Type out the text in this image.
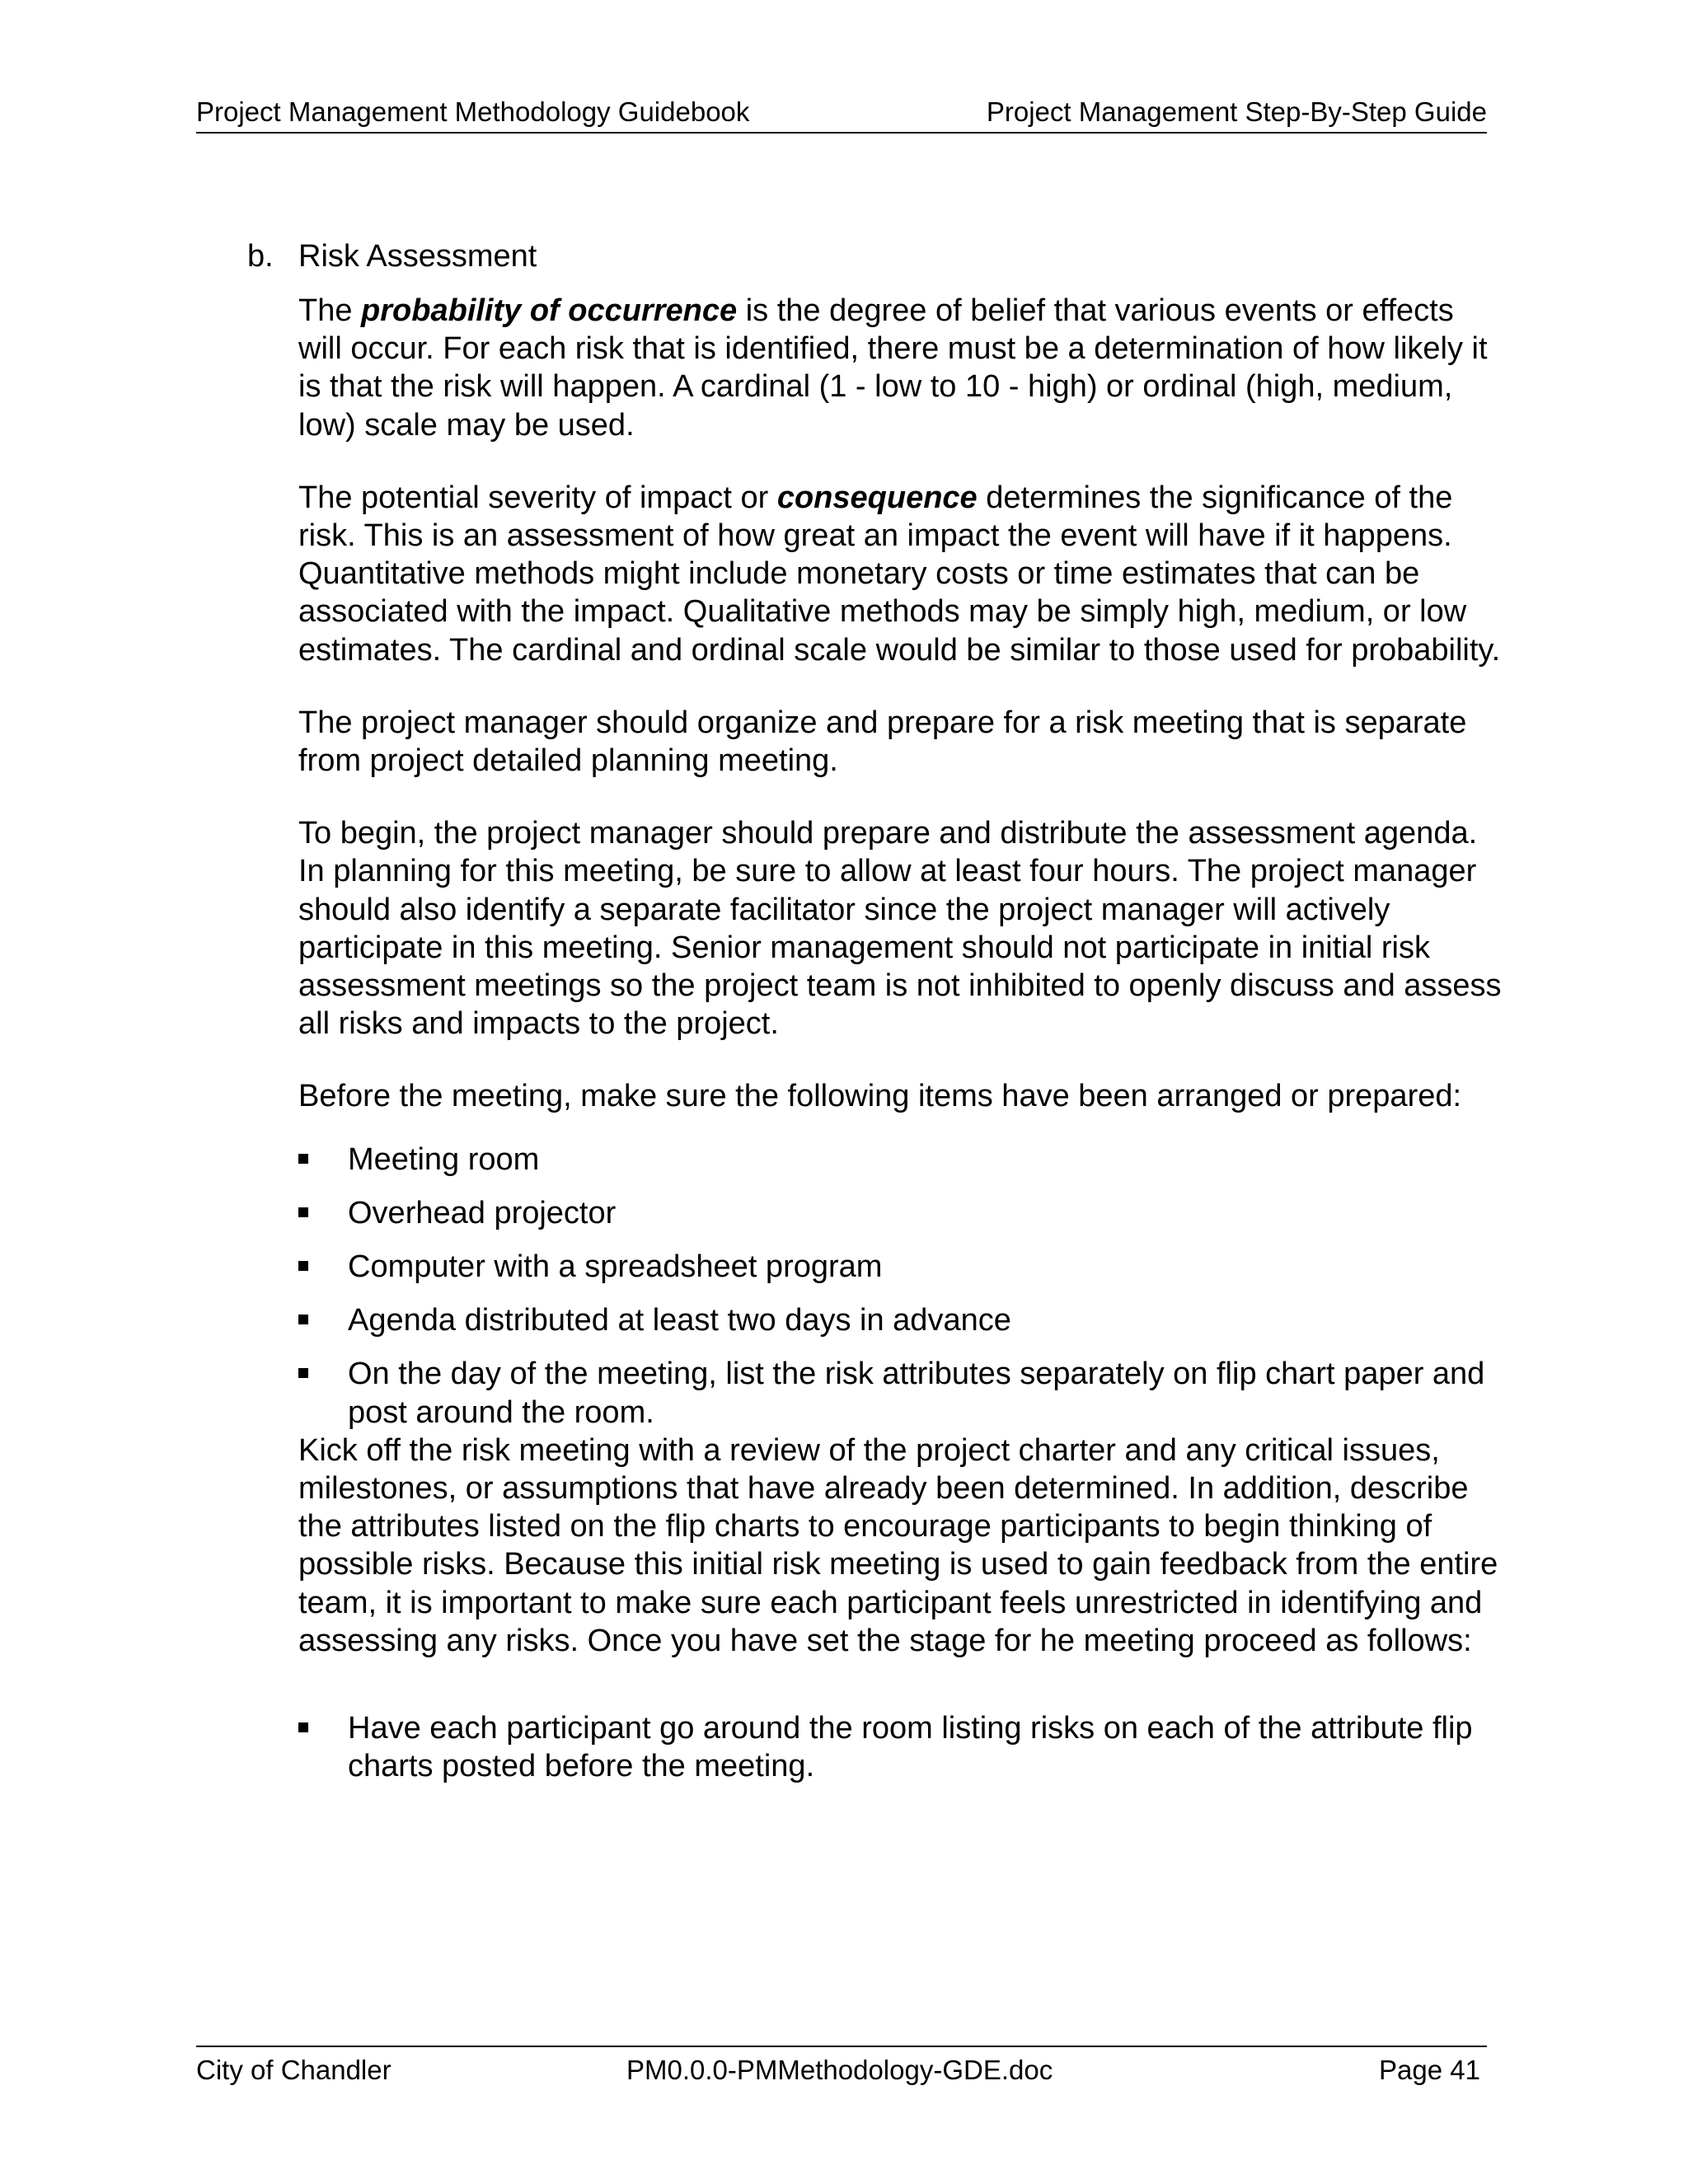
Project Management Methodology Guidebook	Project Management Step-By-Step Guide
b. Risk Assessment

The probability of occurrence is the degree of belief that various events or effects will occur. For each risk that is identified, there must be a determination of how likely it is that the risk will happen. A cardinal (1 - low to 10 - high) or ordinal (high, medium, low) scale may be used.

The potential severity of impact or consequence determines the significance of the risk. This is an assessment of how great an impact the event will have if it happens. Quantitative methods might include monetary costs or time estimates that can be associated with the impact. Qualitative methods may be simply high, medium, or low estimates. The cardinal and ordinal scale would be similar to those used for probability.

The project manager should organize and prepare for a risk meeting that is separate from project detailed planning meeting.

To begin, the project manager should prepare and distribute the assessment agenda. In planning for this meeting, be sure to allow at least four hours. The project manager should also identify a separate facilitator since the project manager will actively participate in this meeting. Senior management should not participate in initial risk assessment meetings so the project team is not inhibited to openly discuss and assess all risks and impacts to the project.

Before the meeting, make sure the following items have been arranged or prepared:

Meeting room
Overhead projector
Computer with a spreadsheet program
Agenda distributed at least two days in advance
On the day of the meeting, list the risk attributes separately on flip chart paper and post around the room.

Kick off the risk meeting with a review of the project charter and any critical issues, milestones, or assumptions that have already been determined. In addition, describe the attributes listed on the flip charts to encourage participants to begin thinking of possible risks. Because this initial risk meeting is used to gain feedback from the entire team, it is important to make sure each participant feels unrestricted in identifying and assessing any risks. Once you have set the stage for he meeting proceed as follows:

Have each participant go around the room listing risks on each of the attribute flip charts posted before the meeting.
City of Chandler	PM0.0.0-PMMethodology-GDE.doc	Page 41
